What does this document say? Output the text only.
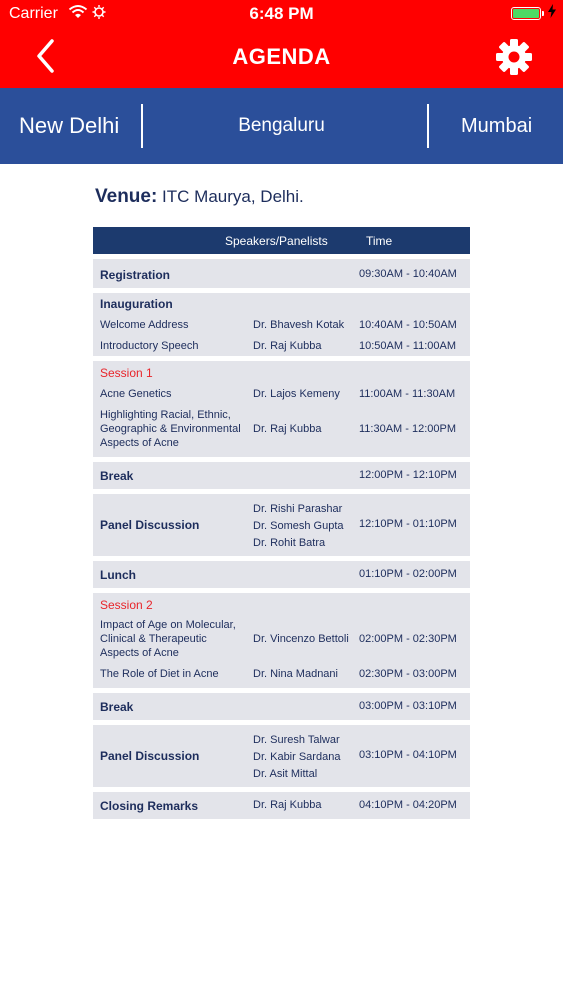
Carrier	6:48 PM
AGENDA
New Delhi	Bengaluru	Mumbai
Venue: ITC Maurya, Delhi.
Speakers/Panelists	Time
Registration	09:30AM - 10:40AM
Inauguration
Welcome Address	Dr. Bhavesh Kotak 10:40AM - 10:50AM
Introductory Speech	Dr. Raj Kubba	10:50AM - 11:00AM
Session 1
Acne Genetics	Dr. Lajos Kemeny 11:00AM - 11:30AM
Highlighting Racial, Ethnic,
Geographic & Environmental
Aspects of Acne
Dr. Raj Kubba	11:30AM - 12:00PM
Break	12:00PM - 12:10PM
Panel Discussion
Dr. Rishi Parashar
Dr. Somesh Gupta
Dr. Rohit Batra
12:10PM - 01:10PM
Lunch	01:10PM - 02:00PM
Session 2
Impact of Age on Molecular,
Clinical & Therapeutic
Aspects of Acne
Dr. Vincenzo Bettoli 02:00PM - 02:30PM
The Role of Diet in Acne	Dr. Nina Madnani 02:30PM - 03:00PM
Break	03:00PM - 03:10PM
Panel Discussion
Dr. Suresh Talwar
Dr. Kabir Sardana
Dr. Asit Mittal
03:10PM - 04:10PM
Closing Remarks	Dr. Raj Kubba	04:10PM - 04:20PM
